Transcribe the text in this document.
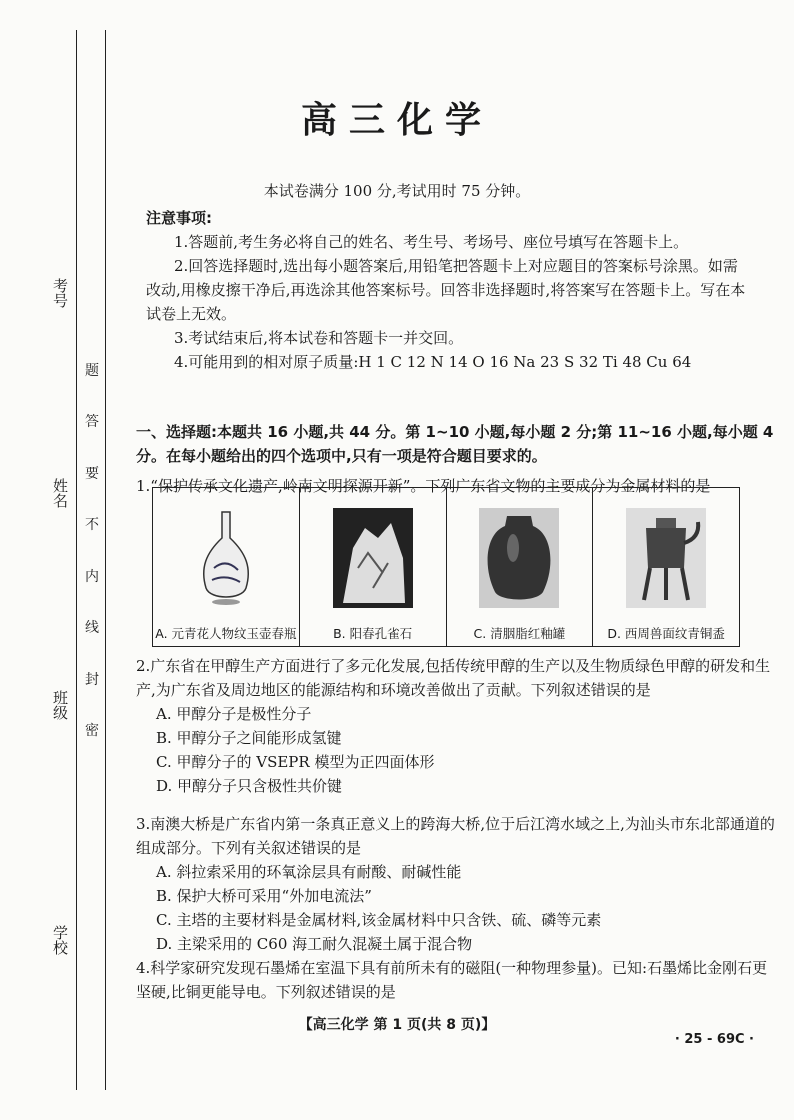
考号
姓名
班级
学校
题
答
要
不
内
线
封
密
高三化学
本试卷满分 100 分,考试用时 75 分钟。
注意事项:
1.答题前,考生务必将自己的姓名、考生号、考场号、座位号填写在答题卡上。
2.回答选择题时,选出每小题答案后,用铅笔把答题卡上对应题目的答案标号涂黑。如需改动,用橡皮擦干净后,再选涂其他答案标号。回答非选择题时,将答案写在答题卡上。写在本试卷上无效。
3.考试结束后,将本试卷和答题卡一并交回。
4.可能用到的相对原子质量:H 1 C 12 N 14 O 16 Na 23 S 32 Ti 48 Cu 64
一、选择题:本题共 16 小题,共 44 分。第 1~10 小题,每小题 2 分;第 11~16 小题,每小题 4 分。在每小题给出的四个选项中,只有一项是符合题目要求的。
1.“保护传承文化遗产,岭南文明探源开新”。下列广东省文物的主要成分为金属材料的是
A. 元青花人物纹玉壶春瓶	B. 阳春孔雀石	C. 清胭脂红釉罐	D. 西周兽面纹青铜盉
2.广东省在甲醇生产方面进行了多元化发展,包括传统甲醇的生产以及生物质绿色甲醇的研发和生产,为广东省及周边地区的能源结构和环境改善做出了贡献。下列叙述错误的是
A. 甲醇分子是极性分子
B. 甲醇分子之间能形成氢键
C. 甲醇分子的 VSEPR 模型为正四面体形
D. 甲醇分子只含极性共价键
3.南澳大桥是广东省内第一条真正意义上的跨海大桥,位于后江湾水域之上,为汕头市东北部通道的组成部分。下列有关叙述错误的是
A. 斜拉索采用的环氧涂层具有耐酸、耐碱性能
B. 保护大桥可采用“外加电流法”
C. 主塔的主要材料是金属材料,该金属材料中只含铁、硫、磷等元素
D. 主梁采用的 C60 海工耐久混凝土属于混合物
4.科学家研究发现石墨烯在室温下具有前所未有的磁阻(一种物理参量)。已知:石墨烯比金刚石更坚硬,比铜更能导电。下列叙述错误的是
【高三化学 第 1 页(共 8 页)】
· 25 - 69C ·
